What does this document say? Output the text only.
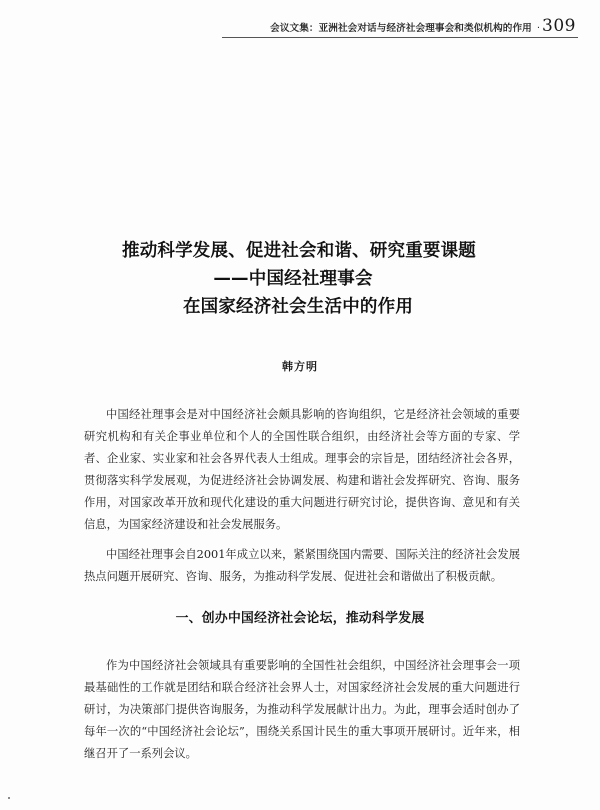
会议文集：亚洲社会对话与经济社会理事会和类似机构的作用 · 309
推动科学发展、促进社会和谐、研究重要课题
——中国经社理事会
在国家经济社会生活中的作用
韩方明

中国经社理事会是对中国经济社会颇具影响的咨询组织，它是经济社会领域的重要研究机构和有关企事业单位和个人的全国性联合组织，由经济社会等方面的专家、学者、企业家、实业家和社会各界代表人士组成。理事会的宗旨是，团结经济社会各界，贯彻落实科学发展观，为促进经济社会协调发展、构建和谐社会发挥研究、咨询、服务作用，对国家改革开放和现代化建设的重大问题进行研究讨论，提供咨询、意见和有关信息，为国家经济建设和社会发展服务。

中国经社理事会自2001年成立以来，紧紧围绕国内需要、国际关注的经济社会发展热点问题开展研究、咨询、服务，为推动科学发展、促进社会和谐做出了积极贡献。

一、创办中国经济社会论坛，推动科学发展

作为中国经济社会领域具有重要影响的全国性社会组织，中国经济社会理事会一项最基础性的工作就是团结和联合经济社会界人士，对国家经济社会发展的重大问题进行研讨，为决策部门提供咨询服务，为推动科学发展献计出力。为此，理事会适时创办了每年一次的“中国经济社会论坛”，围绕关系国计民生的重大事项开展研讨。近年来，相继召开了一系列会议。
